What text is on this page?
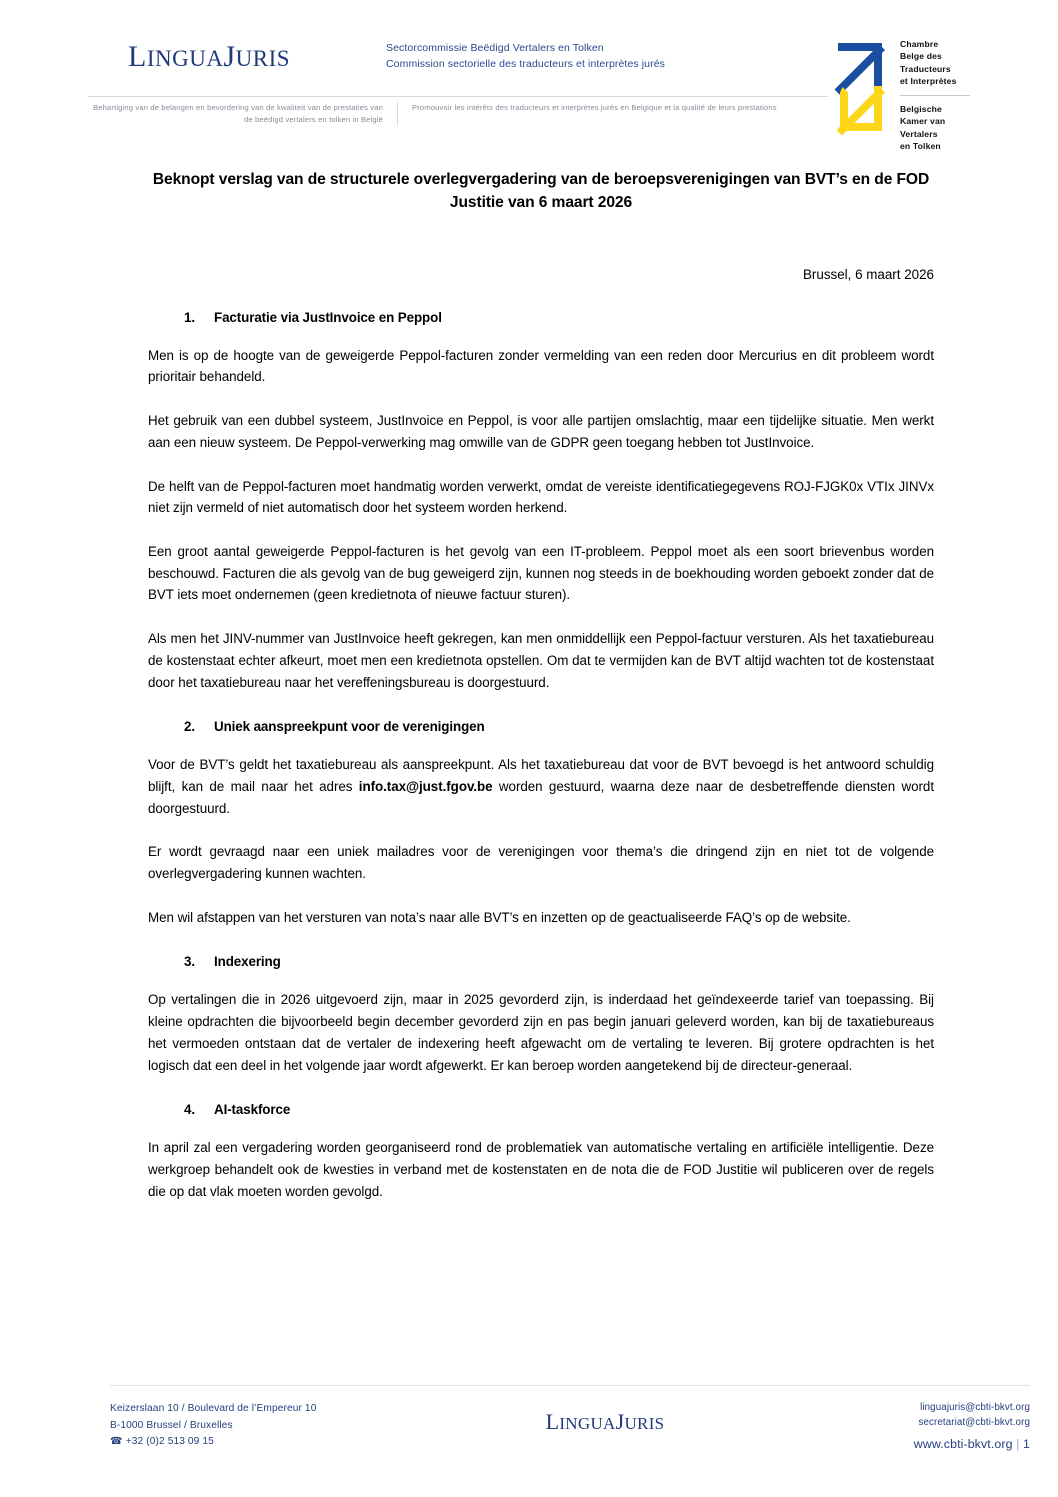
LINGUAJURIS	Sectorcommissie Beëdigd Vertalers en Tolken
Commission sectorielle des traducteurs et interprètes jurés
Chambre
Belge des
Traducteurs
et Interprètes
Belgische
Kamer van
Vertalers
en Tolken
Behartiging van de belangen en bevordering van de kwaliteit van de prestaties van de beëdigd vertalers en tolken in België
Promouvoir les intérêts des traducteurs et interprètes jurés en Belgique et la qualité de leurs prestations
Beknopt verslag van de structurele overlegvergadering van de beroepsverenigingen van BVT’s en de FOD Justitie van 6 maart 2026
Brussel, 6 maart 2026
1.	Facturatie via JustInvoice en Peppol

Men is op de hoogte van de geweigerde Peppol-facturen zonder vermelding van een reden door Mercurius en dit probleem wordt prioritair behandeld.

Het gebruik van een dubbel systeem, JustInvoice en Peppol, is voor alle partijen omslachtig, maar een tijdelijke situatie. Men werkt aan een nieuw systeem. De Peppol-verwerking mag omwille van de GDPR geen toegang hebben tot JustInvoice.

De helft van de Peppol-facturen moet handmatig worden verwerkt, omdat de vereiste identificatiegegevens ROJ-FJGK0x VTIx JINVx niet zijn vermeld of niet automatisch door het systeem worden herkend.

Een groot aantal geweigerde Peppol-facturen is het gevolg van een IT-probleem. Peppol moet als een soort brievenbus worden beschouwd. Facturen die als gevolg van de bug geweigerd zijn, kunnen nog steeds in de boekhouding worden geboekt zonder dat de BVT iets moet ondernemen (geen kredietnota of nieuwe factuur sturen).

Als men het JINV-nummer van JustInvoice heeft gekregen, kan men onmiddellijk een Peppol-factuur versturen. Als het taxatiebureau de kostenstaat echter afkeurt, moet men een kredietnota opstellen. Om dat te vermijden kan de BVT altijd wachten tot de kostenstaat door het taxatiebureau naar het vereffeningsbureau is doorgestuurd.

2.	Uniek aanspreekpunt voor de verenigingen

Voor de BVT’s geldt het taxatiebureau als aanspreekpunt. Als het taxatiebureau dat voor de BVT bevoegd is het antwoord schuldig blijft, kan de mail naar het adres info.tax@just.fgov.be worden gestuurd, waarna deze naar de desbetreffende diensten wordt doorgestuurd.

Er wordt gevraagd naar een uniek mailadres voor de verenigingen voor thema’s die dringend zijn en niet tot de volgende overlegvergadering kunnen wachten.

Men wil afstappen van het versturen van nota’s naar alle BVT’s en inzetten op de geactualiseerde FAQ’s op de website.

3.	Indexering

Op vertalingen die in 2026 uitgevoerd zijn, maar in 2025 gevorderd zijn, is inderdaad het geïndexeerde tarief van toepassing. Bij kleine opdrachten die bijvoorbeeld begin december gevorderd zijn en pas begin januari geleverd worden, kan bij de taxatiebureaus het vermoeden ontstaan dat de vertaler de indexering heeft afgewacht om de vertaling te leveren. Bij grotere opdrachten is het logisch dat een deel in het volgende jaar wordt afgewerkt. Er kan beroep worden aangetekend bij de directeur-generaal.

4.	AI-taskforce

In april zal een vergadering worden georganiseerd rond de problematiek van automatische vertaling en artificiële intelligentie. Deze werkgroep behandelt ook de kwesties in verband met de kostenstaten en de nota die de FOD Justitie wil publiceren over de regels die op dat vlak moeten worden gevolgd.

Keizerslaan 10 / Boulevard de l’Empereur 10
B-1000 Brussel / Bruxelles
☎ +32 (0)2 513 09 15
LINGUAJURIS
linguajuris@cbti-bkvt.org
secretariat@cbti-bkvt.org
www.cbti-bkvt.org | 1
